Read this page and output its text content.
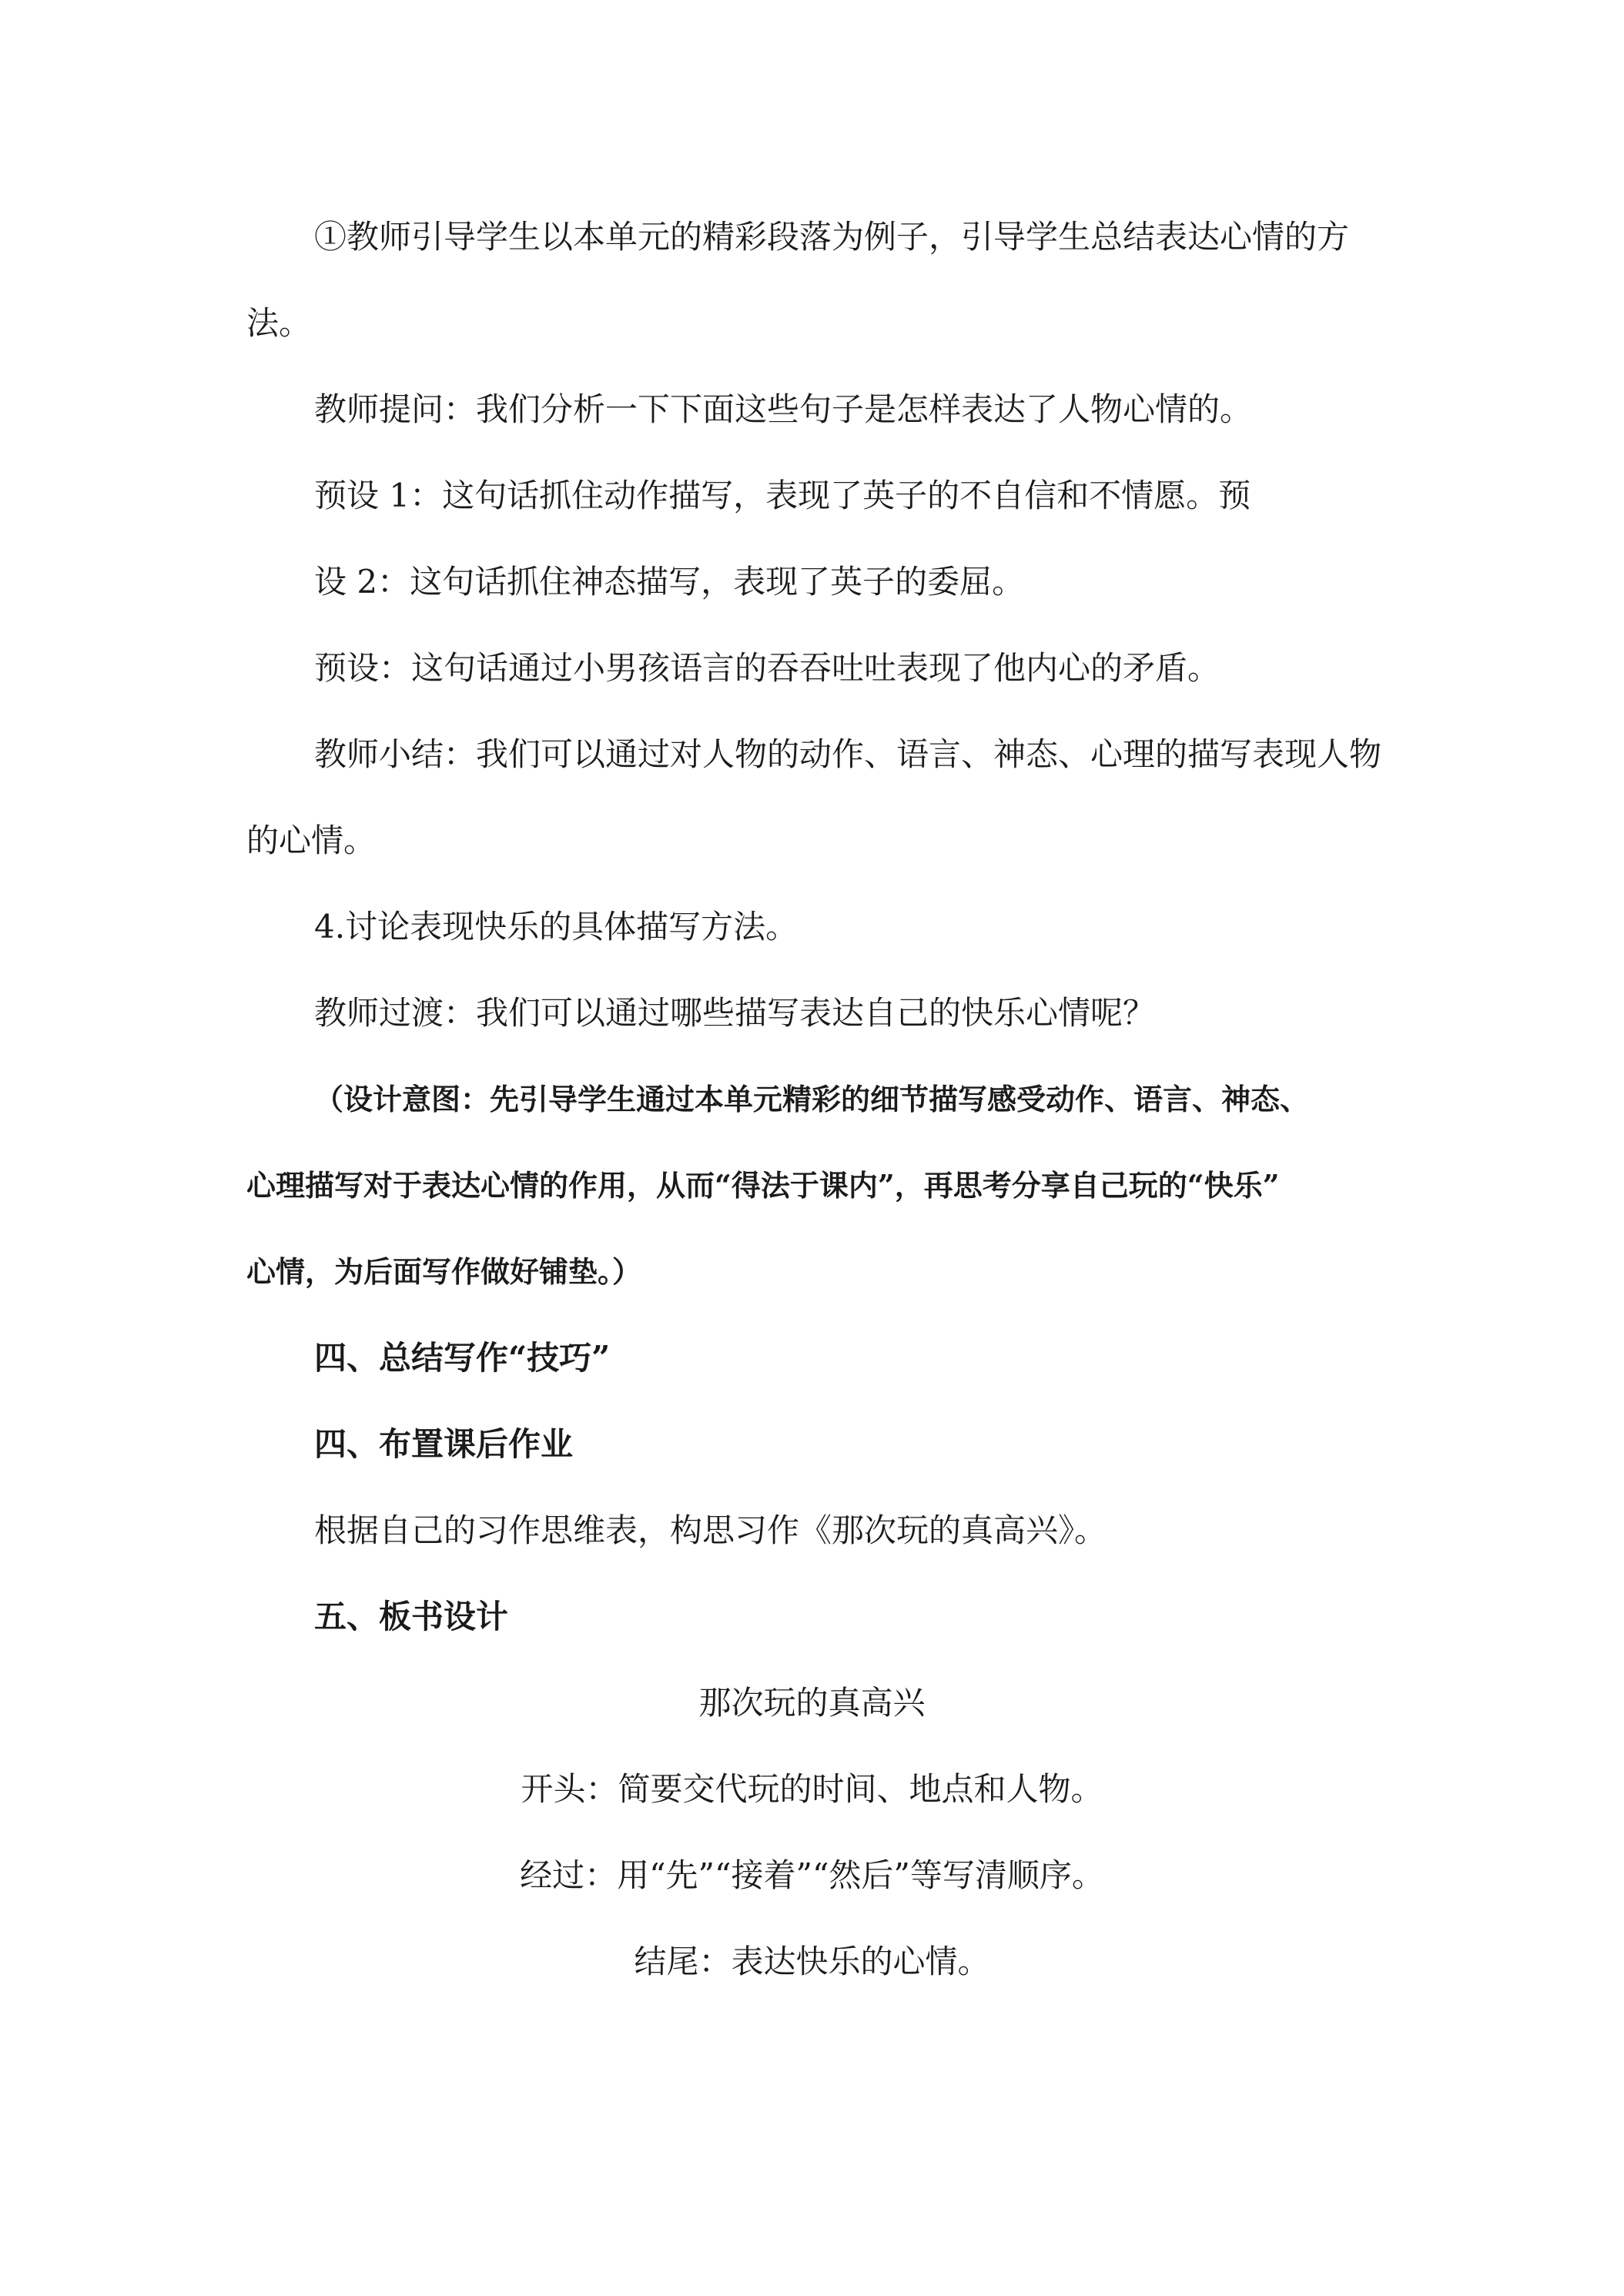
①教师引导学生以本单元的精彩段落为例子，引导学生总结表达心情的方
法。
教师提问：我们分析一下下面这些句子是怎样表达了人物心情的。
预设 1：这句话抓住动作描写，表现了英子的不自信和不情愿。预
设 2：这句话抓住神态描写，表现了英子的委屈。
预设：这句话通过小男孩语言的吞吞吐吐表现了他内心的矛盾。
教师小结：我们可以通过对人物的动作、语言、神态、心理的描写表现人物
的心情。
4.讨论表现快乐的具体描写方法。
教师过渡：我们可以通过哪些描写表达自己的快乐心情呢？
（设计意图：先引导学生通过本单元精彩的细节描写感受动作、语言、神态、
心理描写对于表达心情的作用，从而“得法于课内”，再思考分享自己玩的“快乐”
心情，为后面写作做好铺垫。）
四、总结写作“技巧”
四、布置课后作业
根据自己的习作思维表，构思习作《那次玩的真高兴》。
五、板书设计
那次玩的真高兴
开头：简要交代玩的时间、地点和人物。
经过：用“先”“接着”“然后”等写清顺序。
结尾：表达快乐的心情。
